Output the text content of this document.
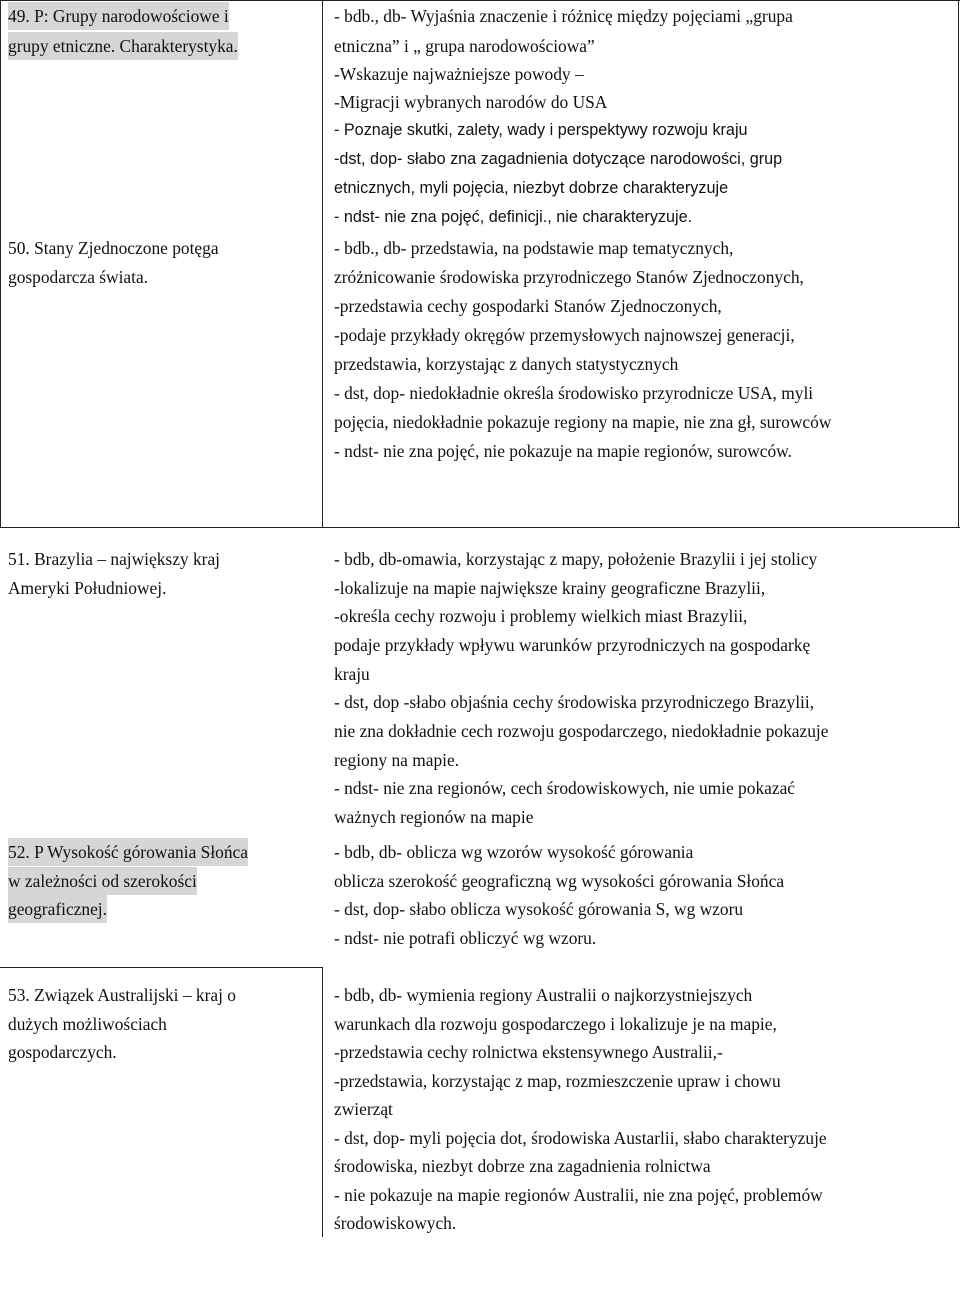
49. P: Grupy narodowościowe i
grupy etniczne. Charakterystyka.
- bdb., db- Wyjaśnia znaczenie i różnicę między pojęciami „grupa
etniczna” i „ grupa narodowościowa”
-Wskazuje najważniejsze powody –
-Migracji wybranych narodów do USA
- Poznaje skutki, zalety, wady i perspektywy rozwoju kraju
-dst, dop- słabo zna zagadnienia dotyczące narodowości, grup
etnicznych, myli pojęcia, niezbyt dobrze charakteryzuje
- ndst- nie zna pojęć, definicji., nie charakteryzuje.
50. Stany Zjednoczone potęga
gospodarcza świata.
- bdb., db- przedstawia, na podstawie map tematycznych,
zróżnicowanie środowiska przyrodniczego Stanów Zjednoczonych,
-przedstawia cechy gospodarki Stanów Zjednoczonych,
-podaje przykłady okręgów przemysłowych najnowszej generacji,
przedstawia, korzystając z danych statystycznych
- dst, dop- niedokładnie określa środowisko przyrodnicze USA, myli
pojęcia, niedokładnie pokazuje regiony na mapie, nie zna gł, surowców
- ndst- nie zna pojęć, nie pokazuje na mapie regionów, surowców.
51. Brazylia – największy kraj
Ameryki Południowej.
- bdb, db-omawia, korzystając z mapy, położenie Brazylii i jej stolicy
-lokalizuje na mapie największe krainy geograficzne Brazylii,
-określa cechy rozwoju i problemy wielkich miast Brazylii,
podaje przykłady wpływu warunków przyrodniczych na gospodarkę
kraju
- dst, dop -słabo objaśnia cechy środowiska przyrodniczego Brazylii,
nie zna dokładnie cech rozwoju gospodarczego, niedokładnie pokazuje
regiony na mapie.
- ndst- nie zna regionów, cech środowiskowych, nie umie pokazać
ważnych regionów na mapie
52. P Wysokość górowania Słońca
w zależności od szerokości
geograficznej.
- bdb, db- oblicza wg wzorów wysokość górowania
oblicza szerokość geograficzną wg wysokości górowania Słońca
- dst, dop- słabo oblicza wysokość górowania S, wg wzoru
- ndst- nie potrafi obliczyć wg wzoru.
53. Związek Australijski – kraj o
dużych możliwościach
gospodarczych.
- bdb, db- wymienia regiony Australii o najkorzystniejszych
warunkach dla rozwoju gospodarczego i lokalizuje je na mapie,
-przedstawia cechy rolnictwa ekstensywnego Australii,-
-przedstawia, korzystając z map, rozmieszczenie upraw i chowu
zwierząt
- dst, dop- myli pojęcia dot, środowiska Austarlii, słabo charakteryzuje
środowiska, niezbyt dobrze zna zagadnienia rolnictwa
- nie pokazuje na mapie regionów Australii, nie zna pojęć, problemów
środowiskowych.
